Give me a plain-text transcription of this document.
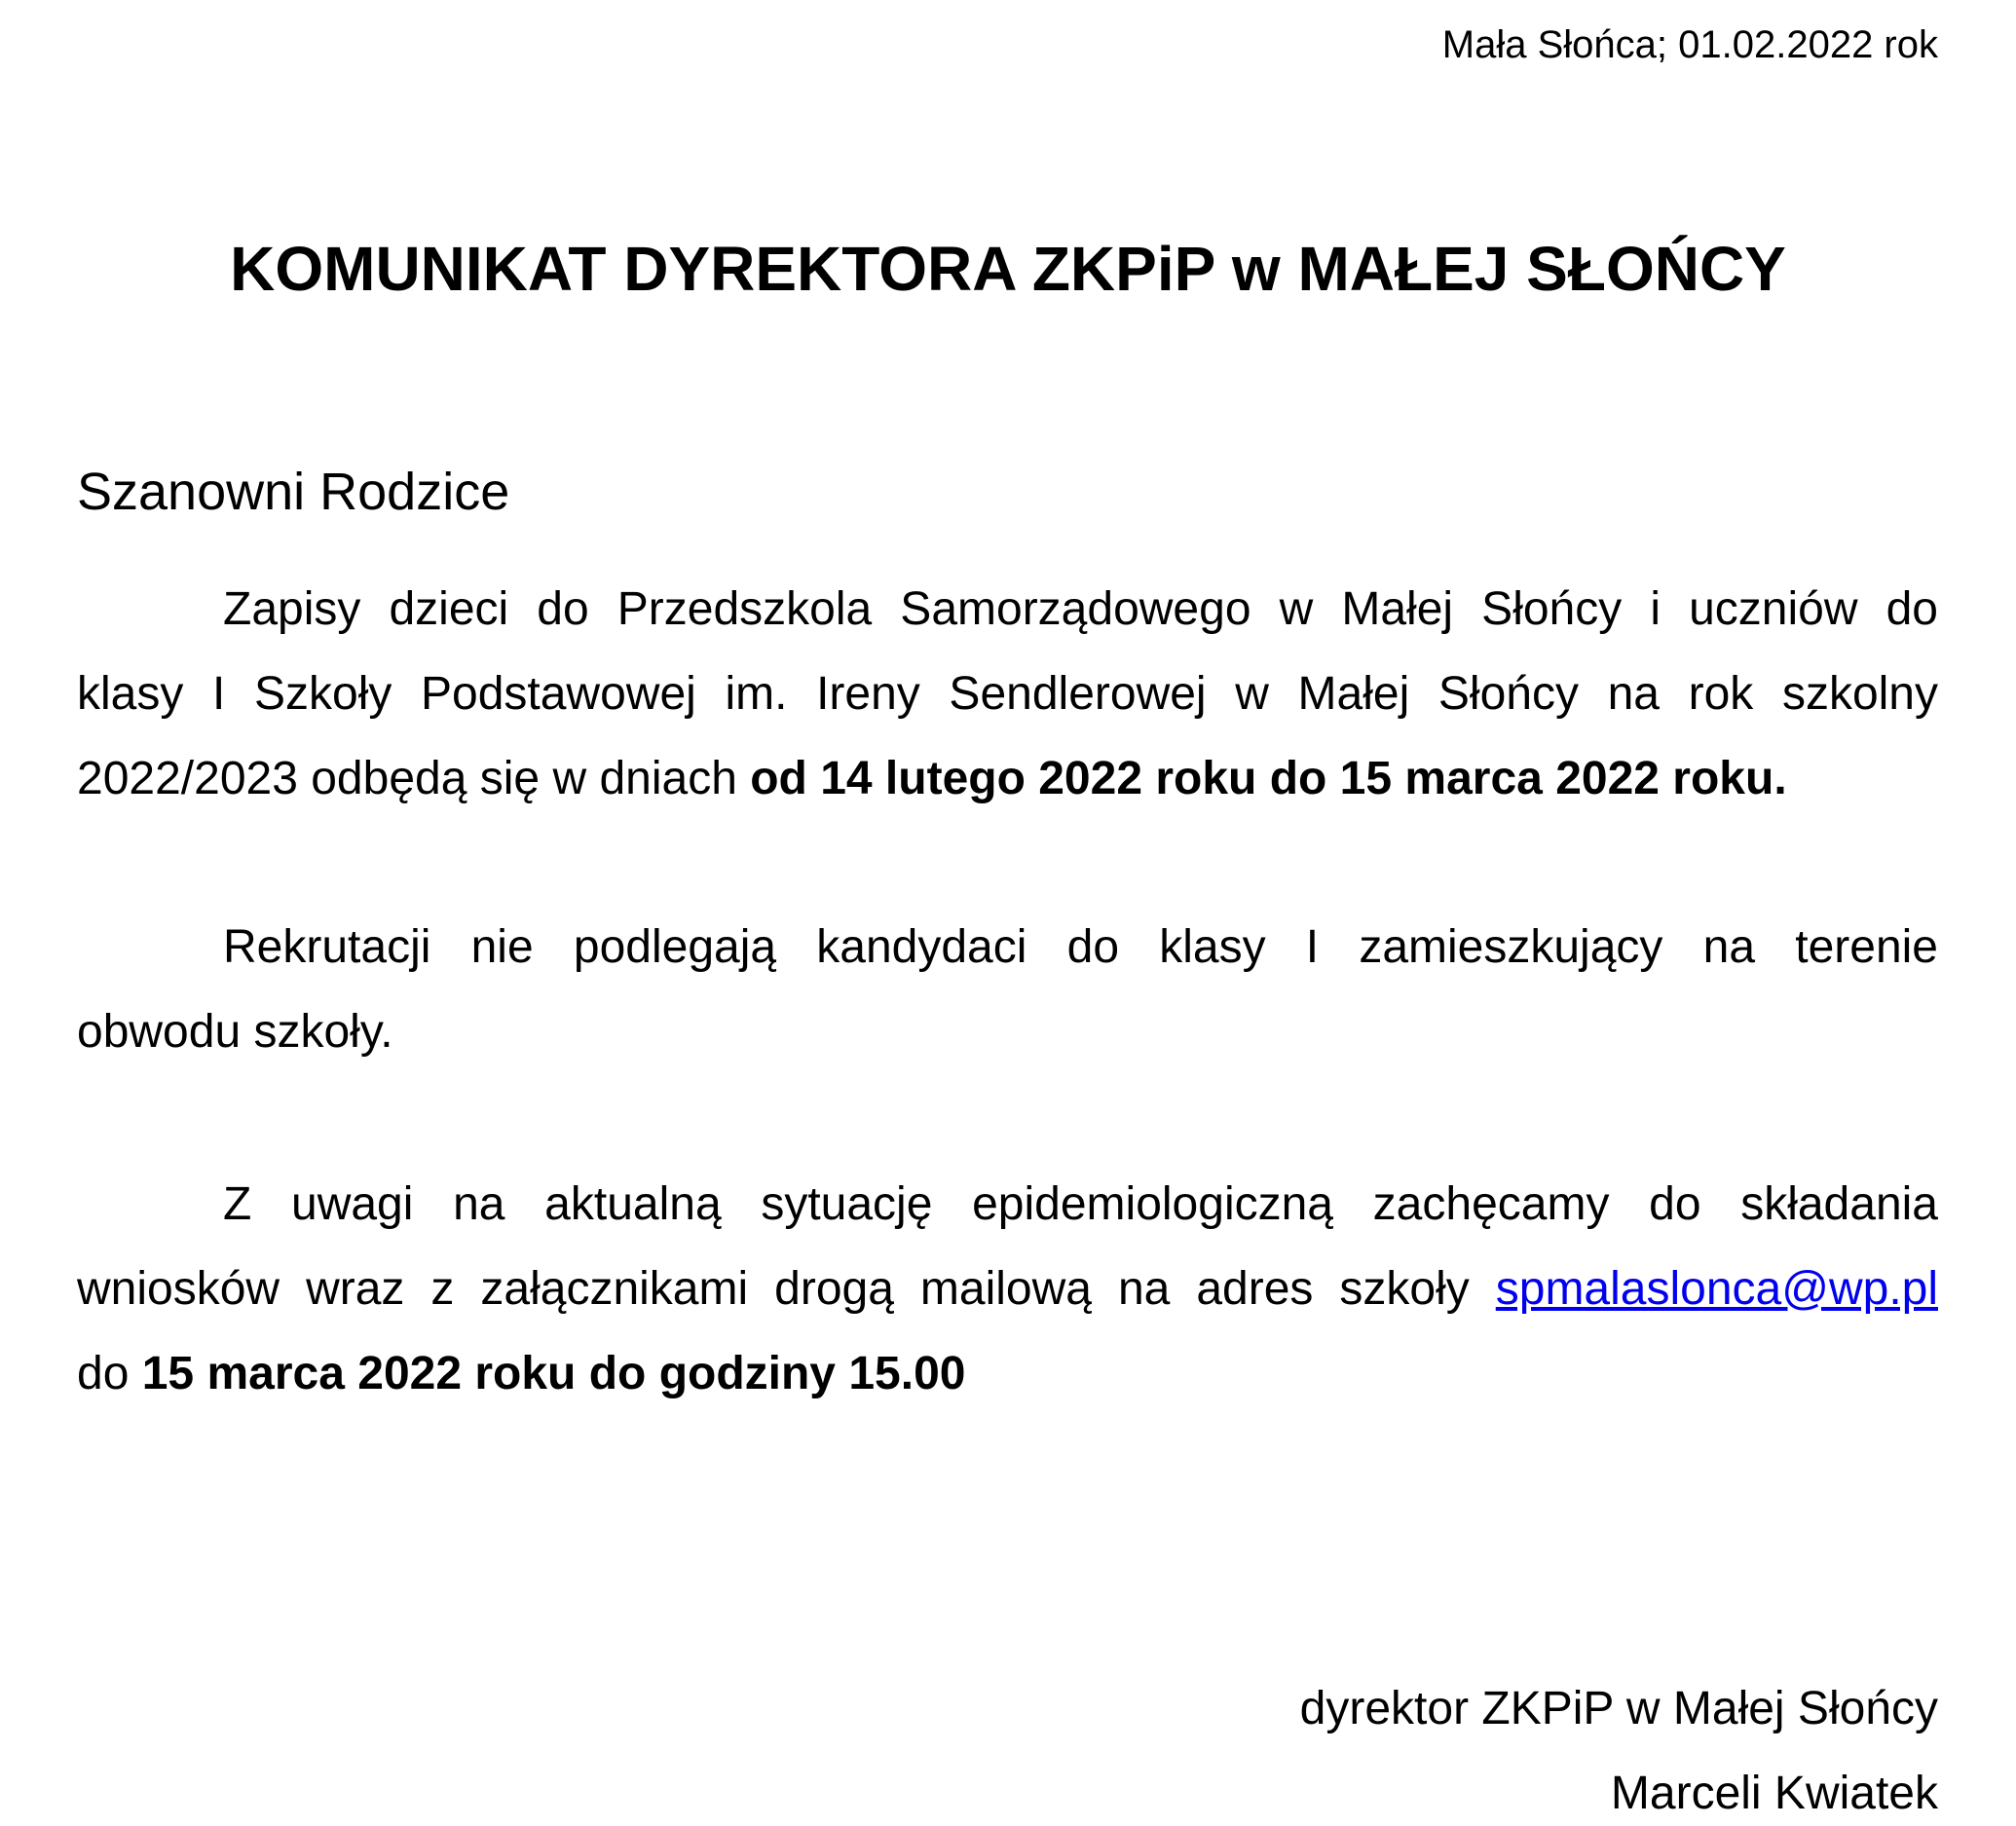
Mała Słońca; 01.02.2022 rok
KOMUNIKAT DYREKTORA ZKPiP w MAŁEJ SŁOŃCY
Szanowni Rodzice
Zapisy dzieci do Przedszkola Samorządowego w Małej Słońcy i uczniów do
klasy I Szkoły Podstawowej im. Ireny Sendlerowej w Małej Słońcy na rok szkolny
2022/2023 odbędą się w dniach od 14 lutego 2022 roku do 15 marca 2022 roku.
Rekrutacji nie podlegają kandydaci do klasy I zamieszkujący na terenie
obwodu szkoły.
Z uwagi na aktualną sytuację epidemiologiczną zachęcamy do składania
wniosków wraz z załącznikami drogą mailową na adres szkoły spmalaslonca@wp.pl
do 15 marca 2022 roku do godziny 15.00
dyrektor ZKPiP w Małej Słońcy
Marceli Kwiatek
